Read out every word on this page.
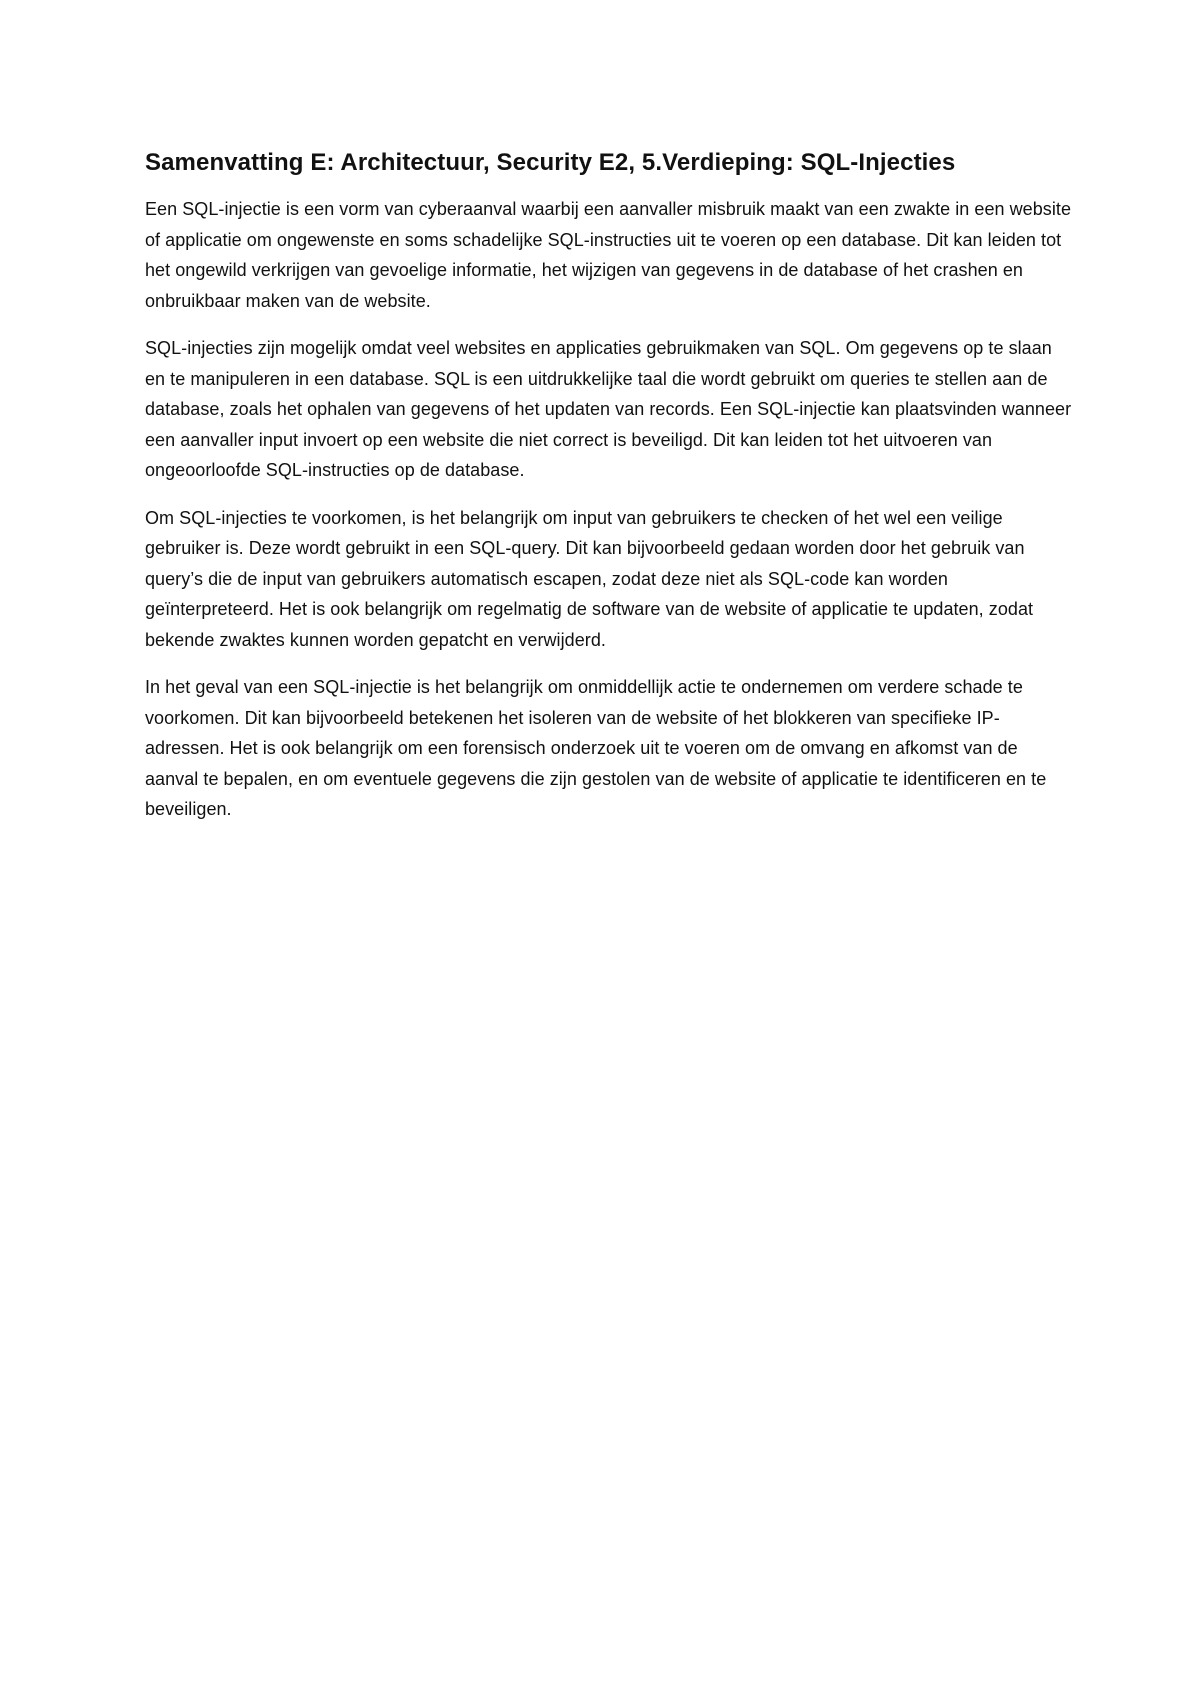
Samenvatting E: Architectuur, Security E2, 5.Verdieping: SQL-Injecties

Een SQL-injectie is een vorm van cyberaanval waarbij een aanvaller misbruik maakt van een zwakte in een website of applicatie om ongewenste en soms schadelijke SQL-instructies uit te voeren op een database. Dit kan leiden tot het ongewild verkrijgen van gevoelige informatie, het wijzigen van gegevens in de database of het crashen en onbruikbaar maken van de website.

SQL-injecties zijn mogelijk omdat veel websites en applicaties gebruikmaken van SQL. Om gegevens op te slaan en te manipuleren in een database. SQL is een uitdrukkelijke taal die wordt gebruikt om queries te stellen aan de database, zoals het ophalen van gegevens of het updaten van records. Een SQL-injectie kan plaatsvinden wanneer een aanvaller input invoert op een website die niet correct is beveiligd. Dit kan leiden tot het uitvoeren van ongeoorloofde SQL-instructies op de database.

Om SQL-injecties te voorkomen, is het belangrijk om input van gebruikers te checken of het wel een veilige gebruiker is. Deze wordt gebruikt in een SQL-query. Dit kan bijvoorbeeld gedaan worden door het gebruik van query’s die de input van gebruikers automatisch escapen, zodat deze niet als SQL-code kan worden geïnterpreteerd. Het is ook belangrijk om regelmatig de software van de website of applicatie te updaten, zodat bekende zwaktes kunnen worden gepatcht en verwijderd.

In het geval van een SQL-injectie is het belangrijk om onmiddellijk actie te ondernemen om verdere schade te voorkomen. Dit kan bijvoorbeeld betekenen het isoleren van de website of het blokkeren van specifieke IP-adressen. Het is ook belangrijk om een forensisch onderzoek uit te voeren om de omvang en afkomst van de aanval te bepalen, en om eventuele gegevens die zijn gestolen van de website of applicatie te identificeren en te beveiligen.
